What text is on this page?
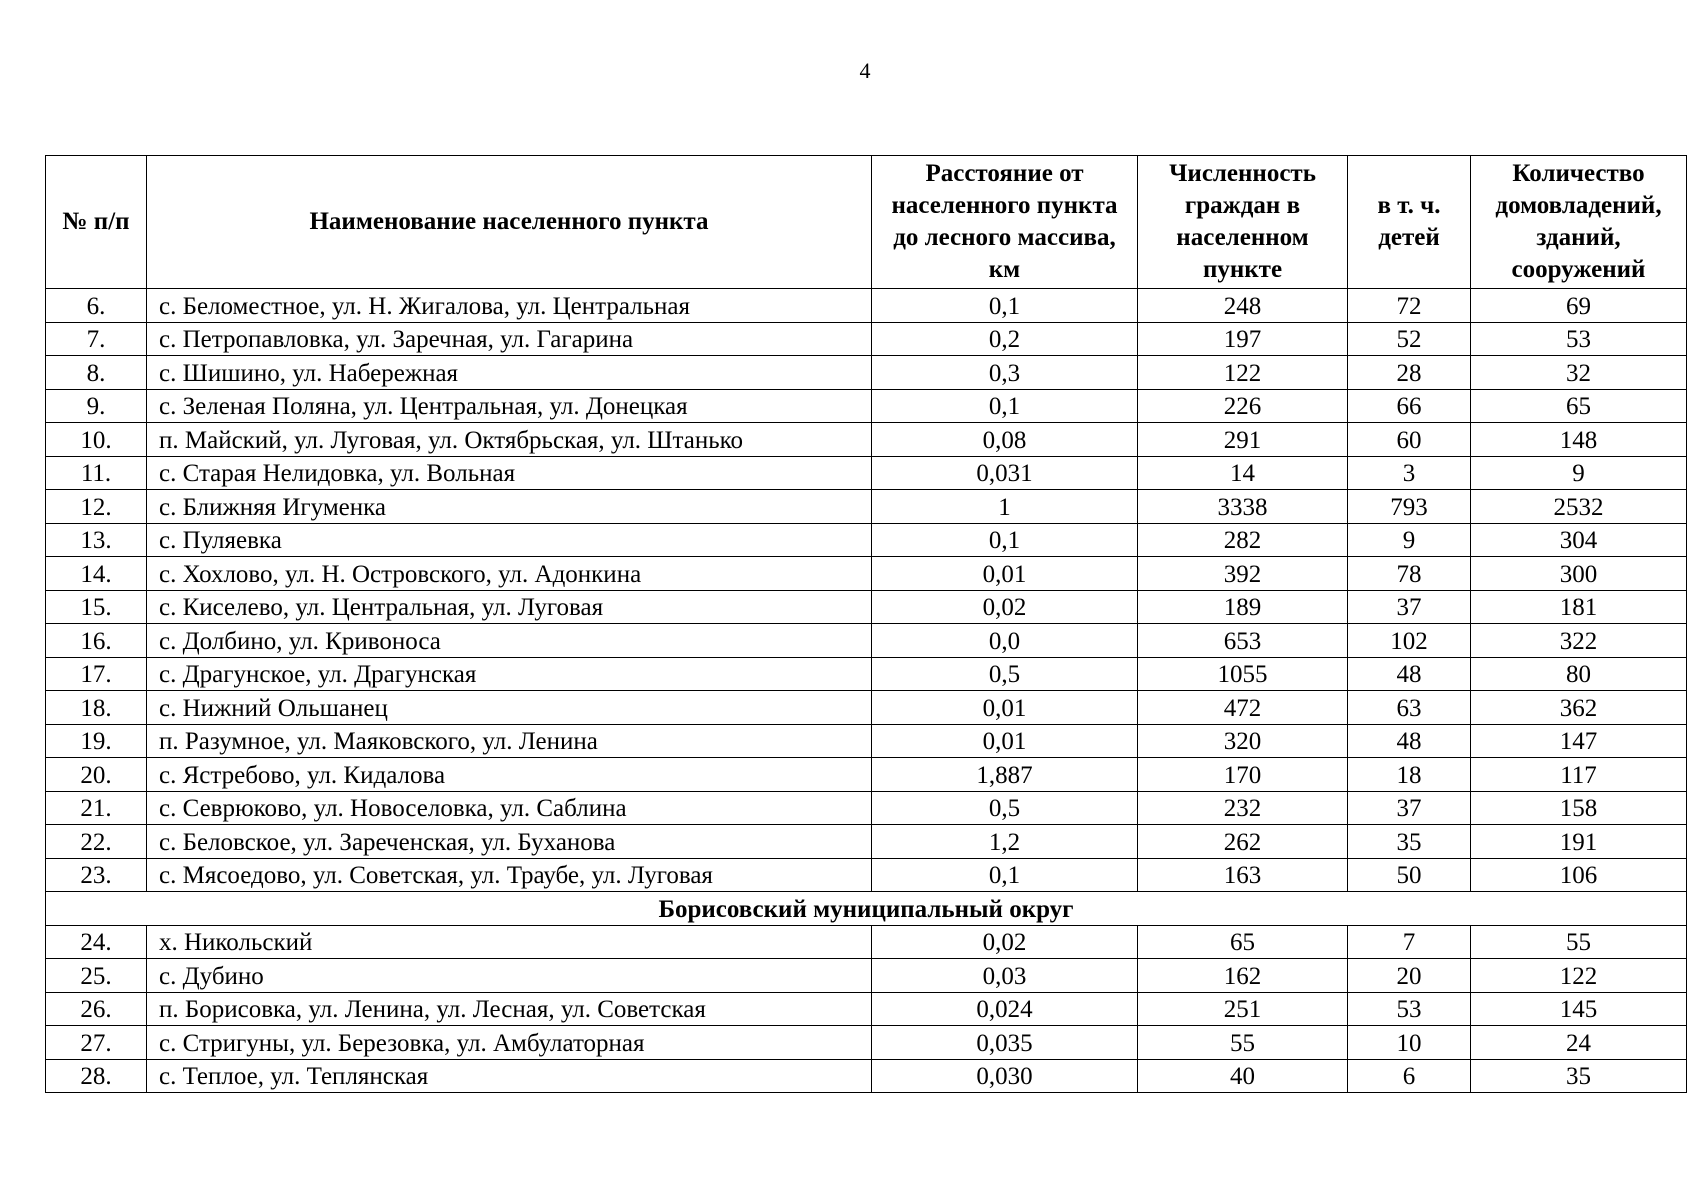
4
№ п/п	Наименование населенного пункта	Расстояние от населенного пункта до лесного массива, км	Численность граждан в населенном пункте	в т. ч. детей	Количество домовладений, зданий, сооружений
6.	с. Беломестное, ул. Н. Жигалова, ул. Центральная	0,1	248	72	69
7.	с. Петропавловка, ул. Заречная, ул. Гагарина	0,2	197	52	53
8.	с. Шишино, ул. Набережная	0,3	122	28	32
9.	с. Зеленая Поляна, ул. Центральная, ул. Донецкая	0,1	226	66	65
10.	п. Майский, ул. Луговая, ул. Октябрьская, ул. Штанько	0,08	291	60	148
11.	с. Старая Нелидовка, ул. Вольная	0,031	14	3	9
12.	с. Ближняя Игуменка	1	3338	793	2532
13.	с. Пуляевка	0,1	282	9	304
14.	с. Хохлово, ул. Н. Островского, ул. Адонкина	0,01	392	78	300
15.	с. Киселево, ул. Центральная, ул. Луговая	0,02	189	37	181
16.	с. Долбино, ул. Кривоноса	0,0	653	102	322
17.	с. Драгунское, ул. Драгунская	0,5	1055	48	80
18.	с. Нижний Ольшанец	0,01	472	63	362
19.	п. Разумное, ул. Маяковского, ул. Ленина	0,01	320	48	147
20.	с. Ястребово, ул. Кидалова	1,887	170	18	117
21.	с. Севрюково, ул. Новоселовка, ул. Саблина	0,5	232	37	158
22.	с. Беловское, ул. Зареченская, ул. Буханова	1,2	262	35	191
23.	с. Мясоедово, ул. Советская, ул. Траубе, ул. Луговая	0,1	163	50	106
Борисовский муниципальный округ					
24.	х. Никольский	0,02	65	7	55
25.	с. Дубино	0,03	162	20	122
26.	п. Борисовка, ул. Ленина, ул. Лесная, ул. Советская	0,024	251	53	145
27.	с. Стригуны, ул. Березовка, ул. Амбулаторная	0,035	55	10	24
28.	с. Теплое, ул. Теплянская	0,030	40	6	35
